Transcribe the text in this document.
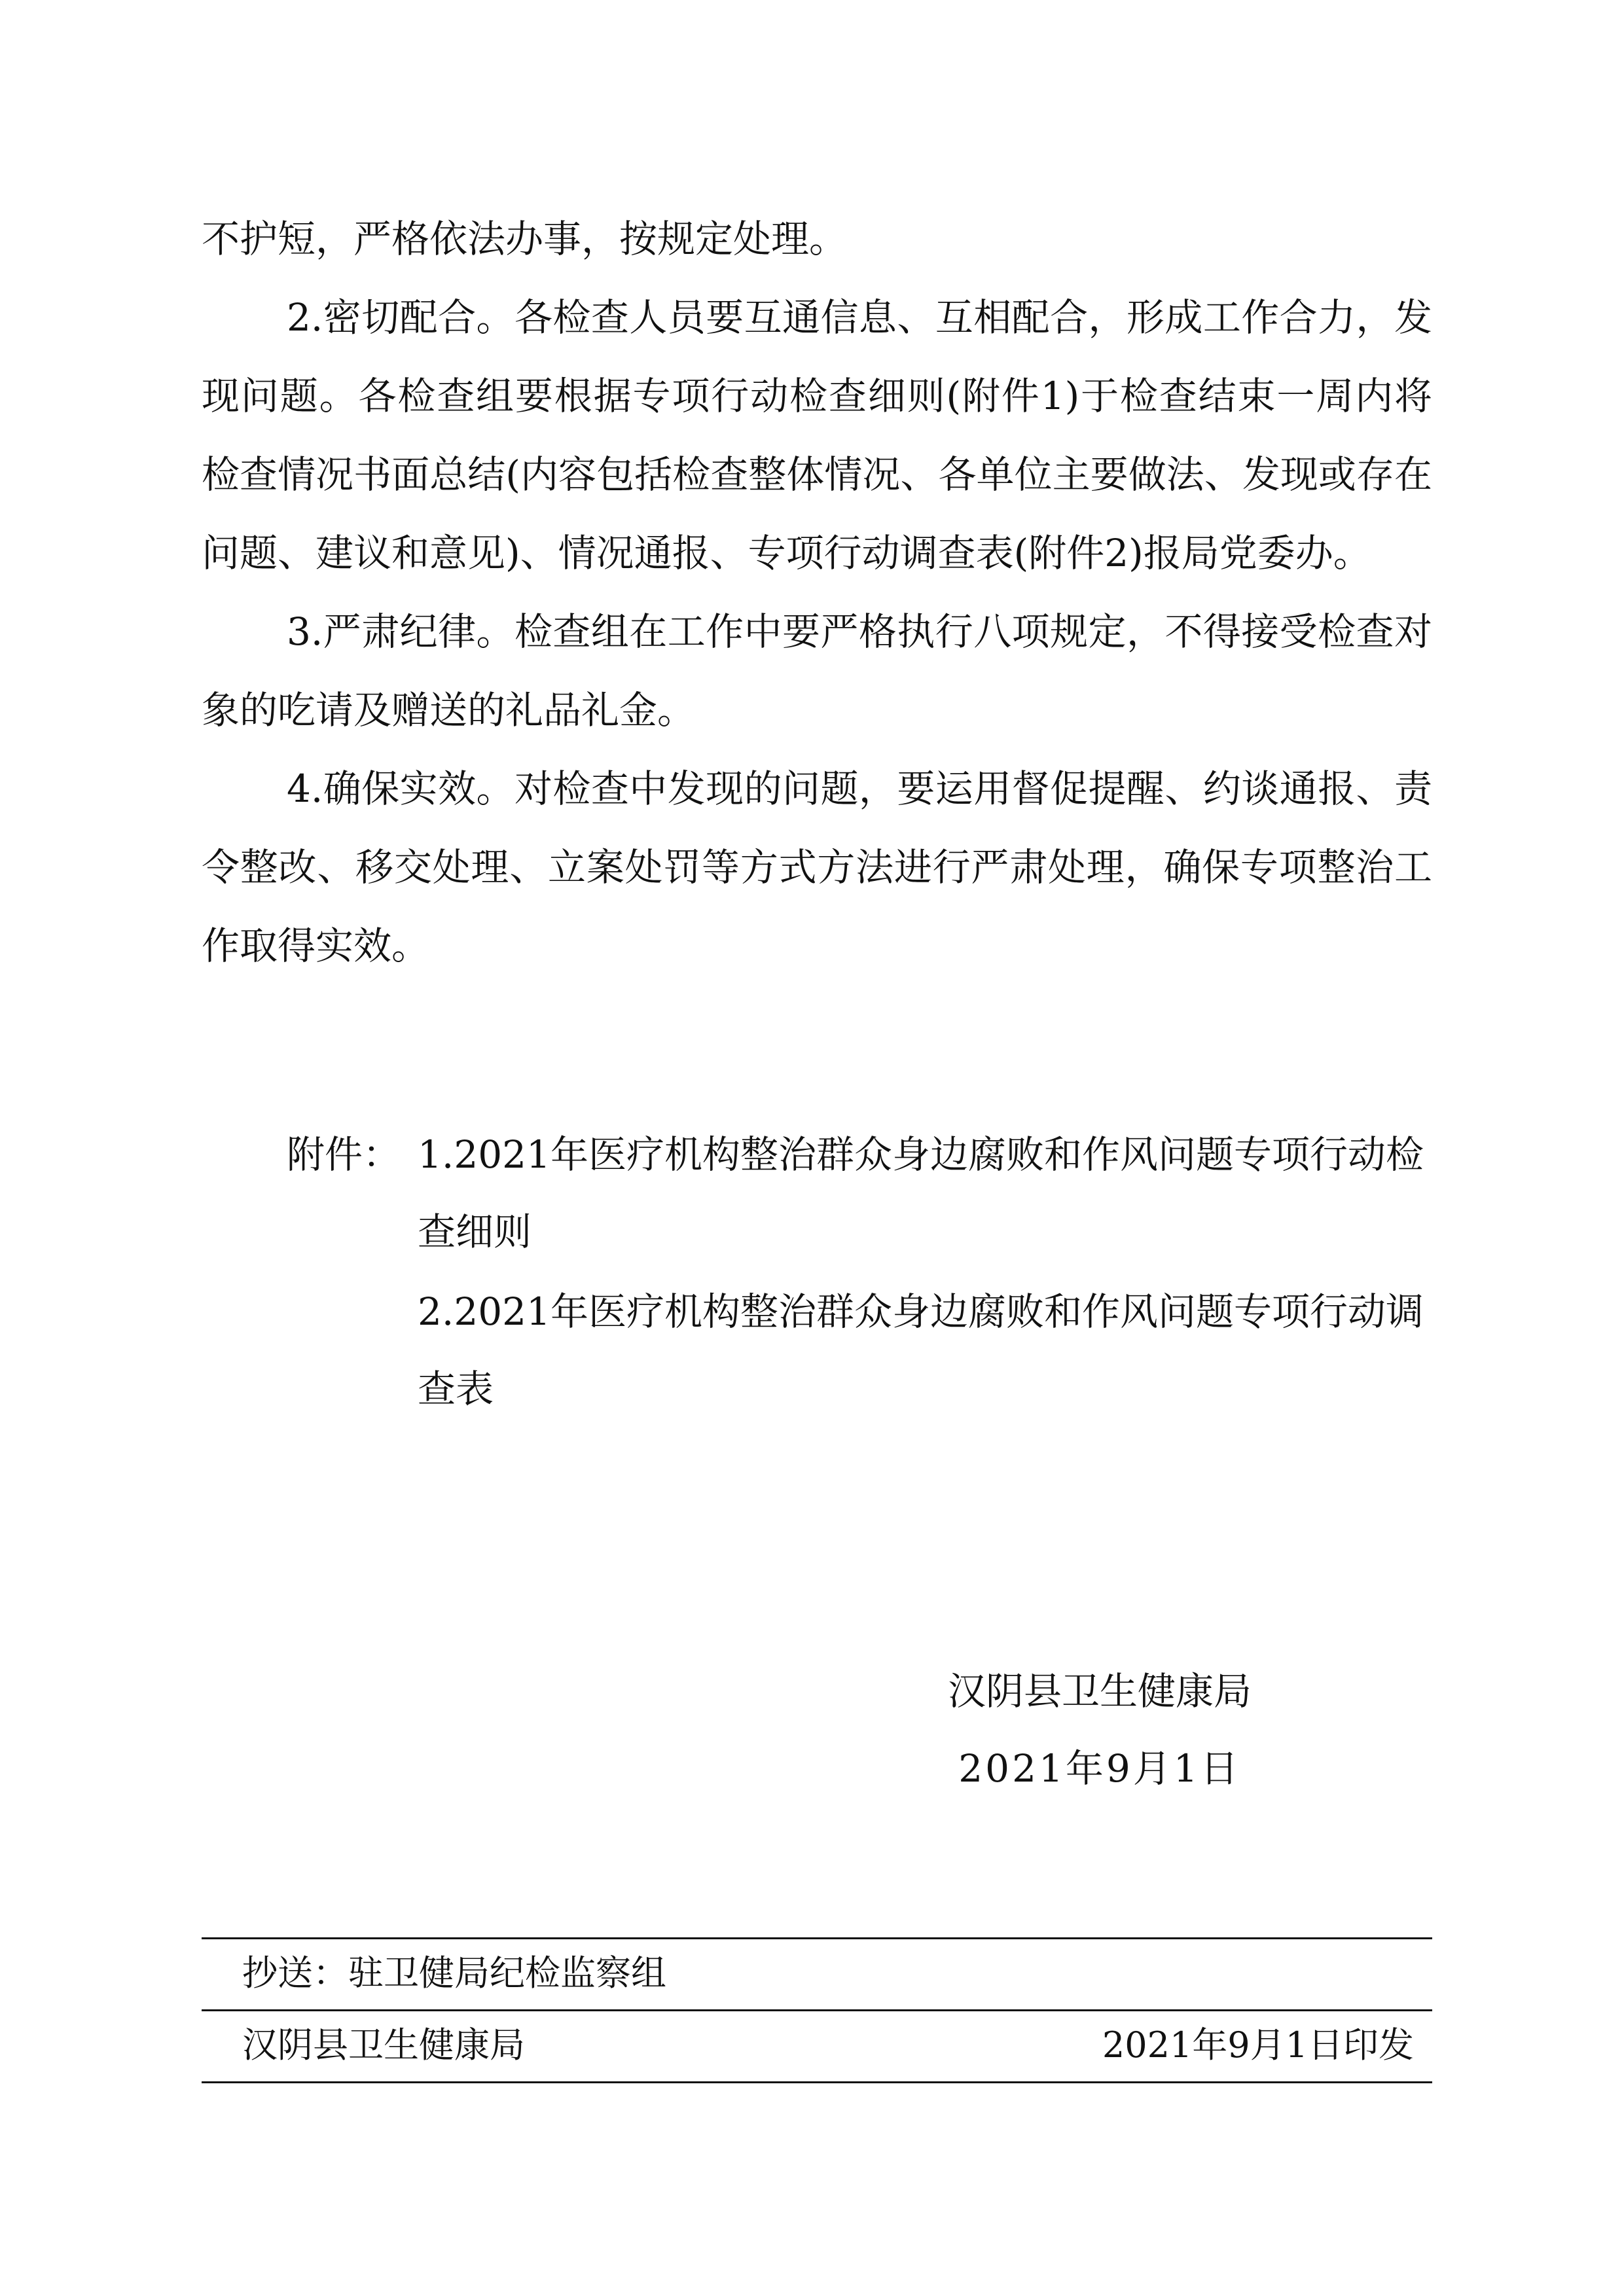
不护短，严格依法办事，按规定处理。

2.密切配合。各检查人员要互通信息、互相配合，形成工作合力，发现问题。各检查组要根据专项行动检查细则(附件1)于检查结束一周内将检查情况书面总结(内容包括检查整体情况、各单位主要做法、发现或存在问题、建议和意见)、情况通报、专项行动调查表(附件2)报局党委办。

3.严肃纪律。检查组在工作中要严格执行八项规定，不得接受检查对象的吃请及赠送的礼品礼金。

4.确保实效。对检查中发现的问题，要运用督促提醒、约谈通报、责令整改、移交处理、立案处罚等方式方法进行严肃处理，确保专项整治工作取得实效。

附件： 1.2021年医疗机构整治群众身边腐败和作风问题专项行动检查细则
2.2021年医疗机构整治群众身边腐败和作风问题专项行动调查表
汉阴县卫生健康局
2021年9月1日
抄送：驻卫健局纪检监察组
汉阴县卫生健康局	2021年9月1日印发
